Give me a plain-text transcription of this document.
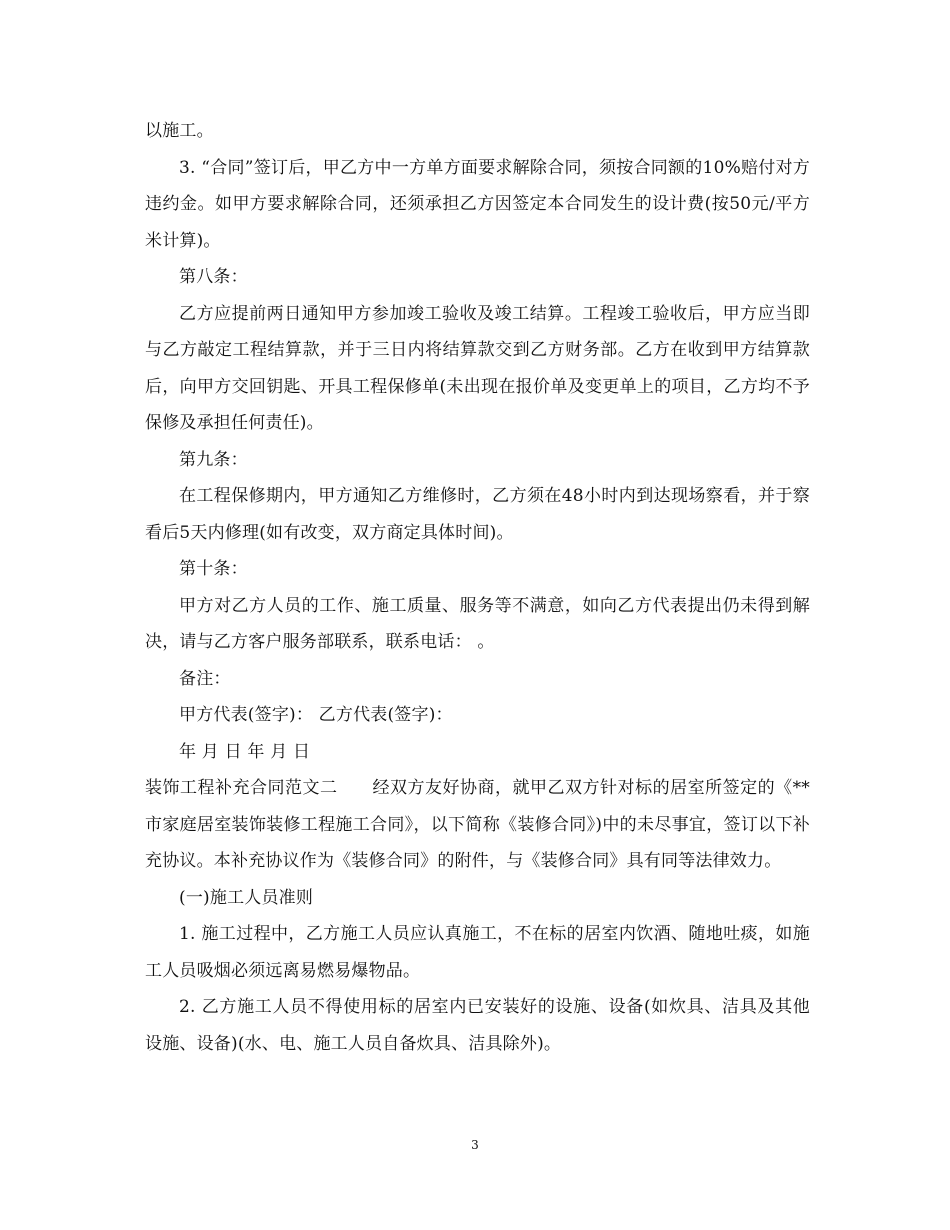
以施工。

3. “合同”签订后，甲乙方中一方单方面要求解除合同，须按合同额的10%赔付对方违约金。如甲方要求解除合同，还须承担乙方因签定本合同发生的设计费(按50元/平方米计算)。

第八条：

乙方应提前两日通知甲方参加竣工验收及竣工结算。工程竣工验收后，甲方应当即与乙方敲定工程结算款，并于三日内将结算款交到乙方财务部。乙方在收到甲方结算款后，向甲方交回钥匙、开具工程保修单(未出现在报价单及变更单上的项目，乙方均不予保修及承担任何责任)。

第九条：

在工程保修期内，甲方通知乙方维修时，乙方须在48小时内到达现场察看，并于察看后5天内修理(如有改变，双方商定具体时间)。

第十条：

甲方对乙方人员的工作、施工质量、服务等不满意，如向乙方代表提出仍未得到解决，请与乙方客户服务部联系，联系电话： 。

备注：

甲方代表(签字)： 乙方代表(签字)：

年 月 日 年 月 日

装饰工程补充合同范文二　　经双方友好协商，就甲乙双方针对标的居室所签定的《**市家庭居室装饰装修工程施工合同》，以下简称《装修合同》)中的未尽事宜，签订以下补充协议。本补充协议作为《装修合同》的附件，与《装修合同》具有同等法律效力。

(一)施工人员准则

1. 施工过程中，乙方施工人员应认真施工，不在标的居室内饮酒、随地吐痰，如施工人员吸烟必须远离易燃易爆物品。

2. 乙方施工人员不得使用标的居室内已安装好的设施、设备(如炊具、洁具及其他设施、设备)(水、电、施工人员自备炊具、洁具除外)。

3
